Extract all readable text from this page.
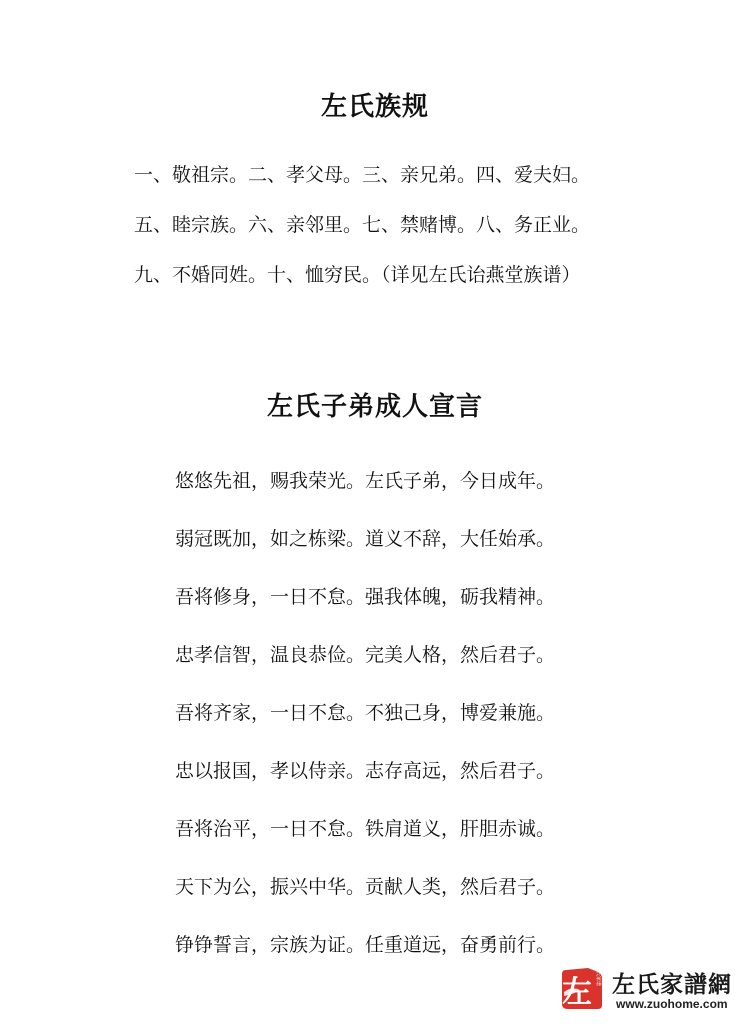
左氏族规
一、敬祖宗。二、孝父母。三、亲兄弟。四、爱夫妇。
五、睦宗族。六、亲邻里。七、禁赌博。八、务正业。
九、不婚同姓。十、恤穷民。（详见左氏诒燕堂族谱）
左氏子弟成人宣言
悠悠先祖，赐我荣光。左氏子弟，今日成年。
弱冠既加，如之栋梁。道义不辞，大任始承。
吾将修身，一日不怠。强我体魄，砺我精神。
忠孝信智，温良恭俭。完美人格，然后君子。
吾将齐家，一日不怠。不独己身，博爱兼施。
忠以报国，孝以侍亲。志存高远，然后君子。
吾将治平，一日不怠。铁肩道义，肝胆赤诚。
天下为公，振兴中华。贡献人类，然后君子。
铮铮誓言，宗族为证。任重道远，奋勇前行。
左 左氏家谱 左氏家譜網
www.zuohome.com
